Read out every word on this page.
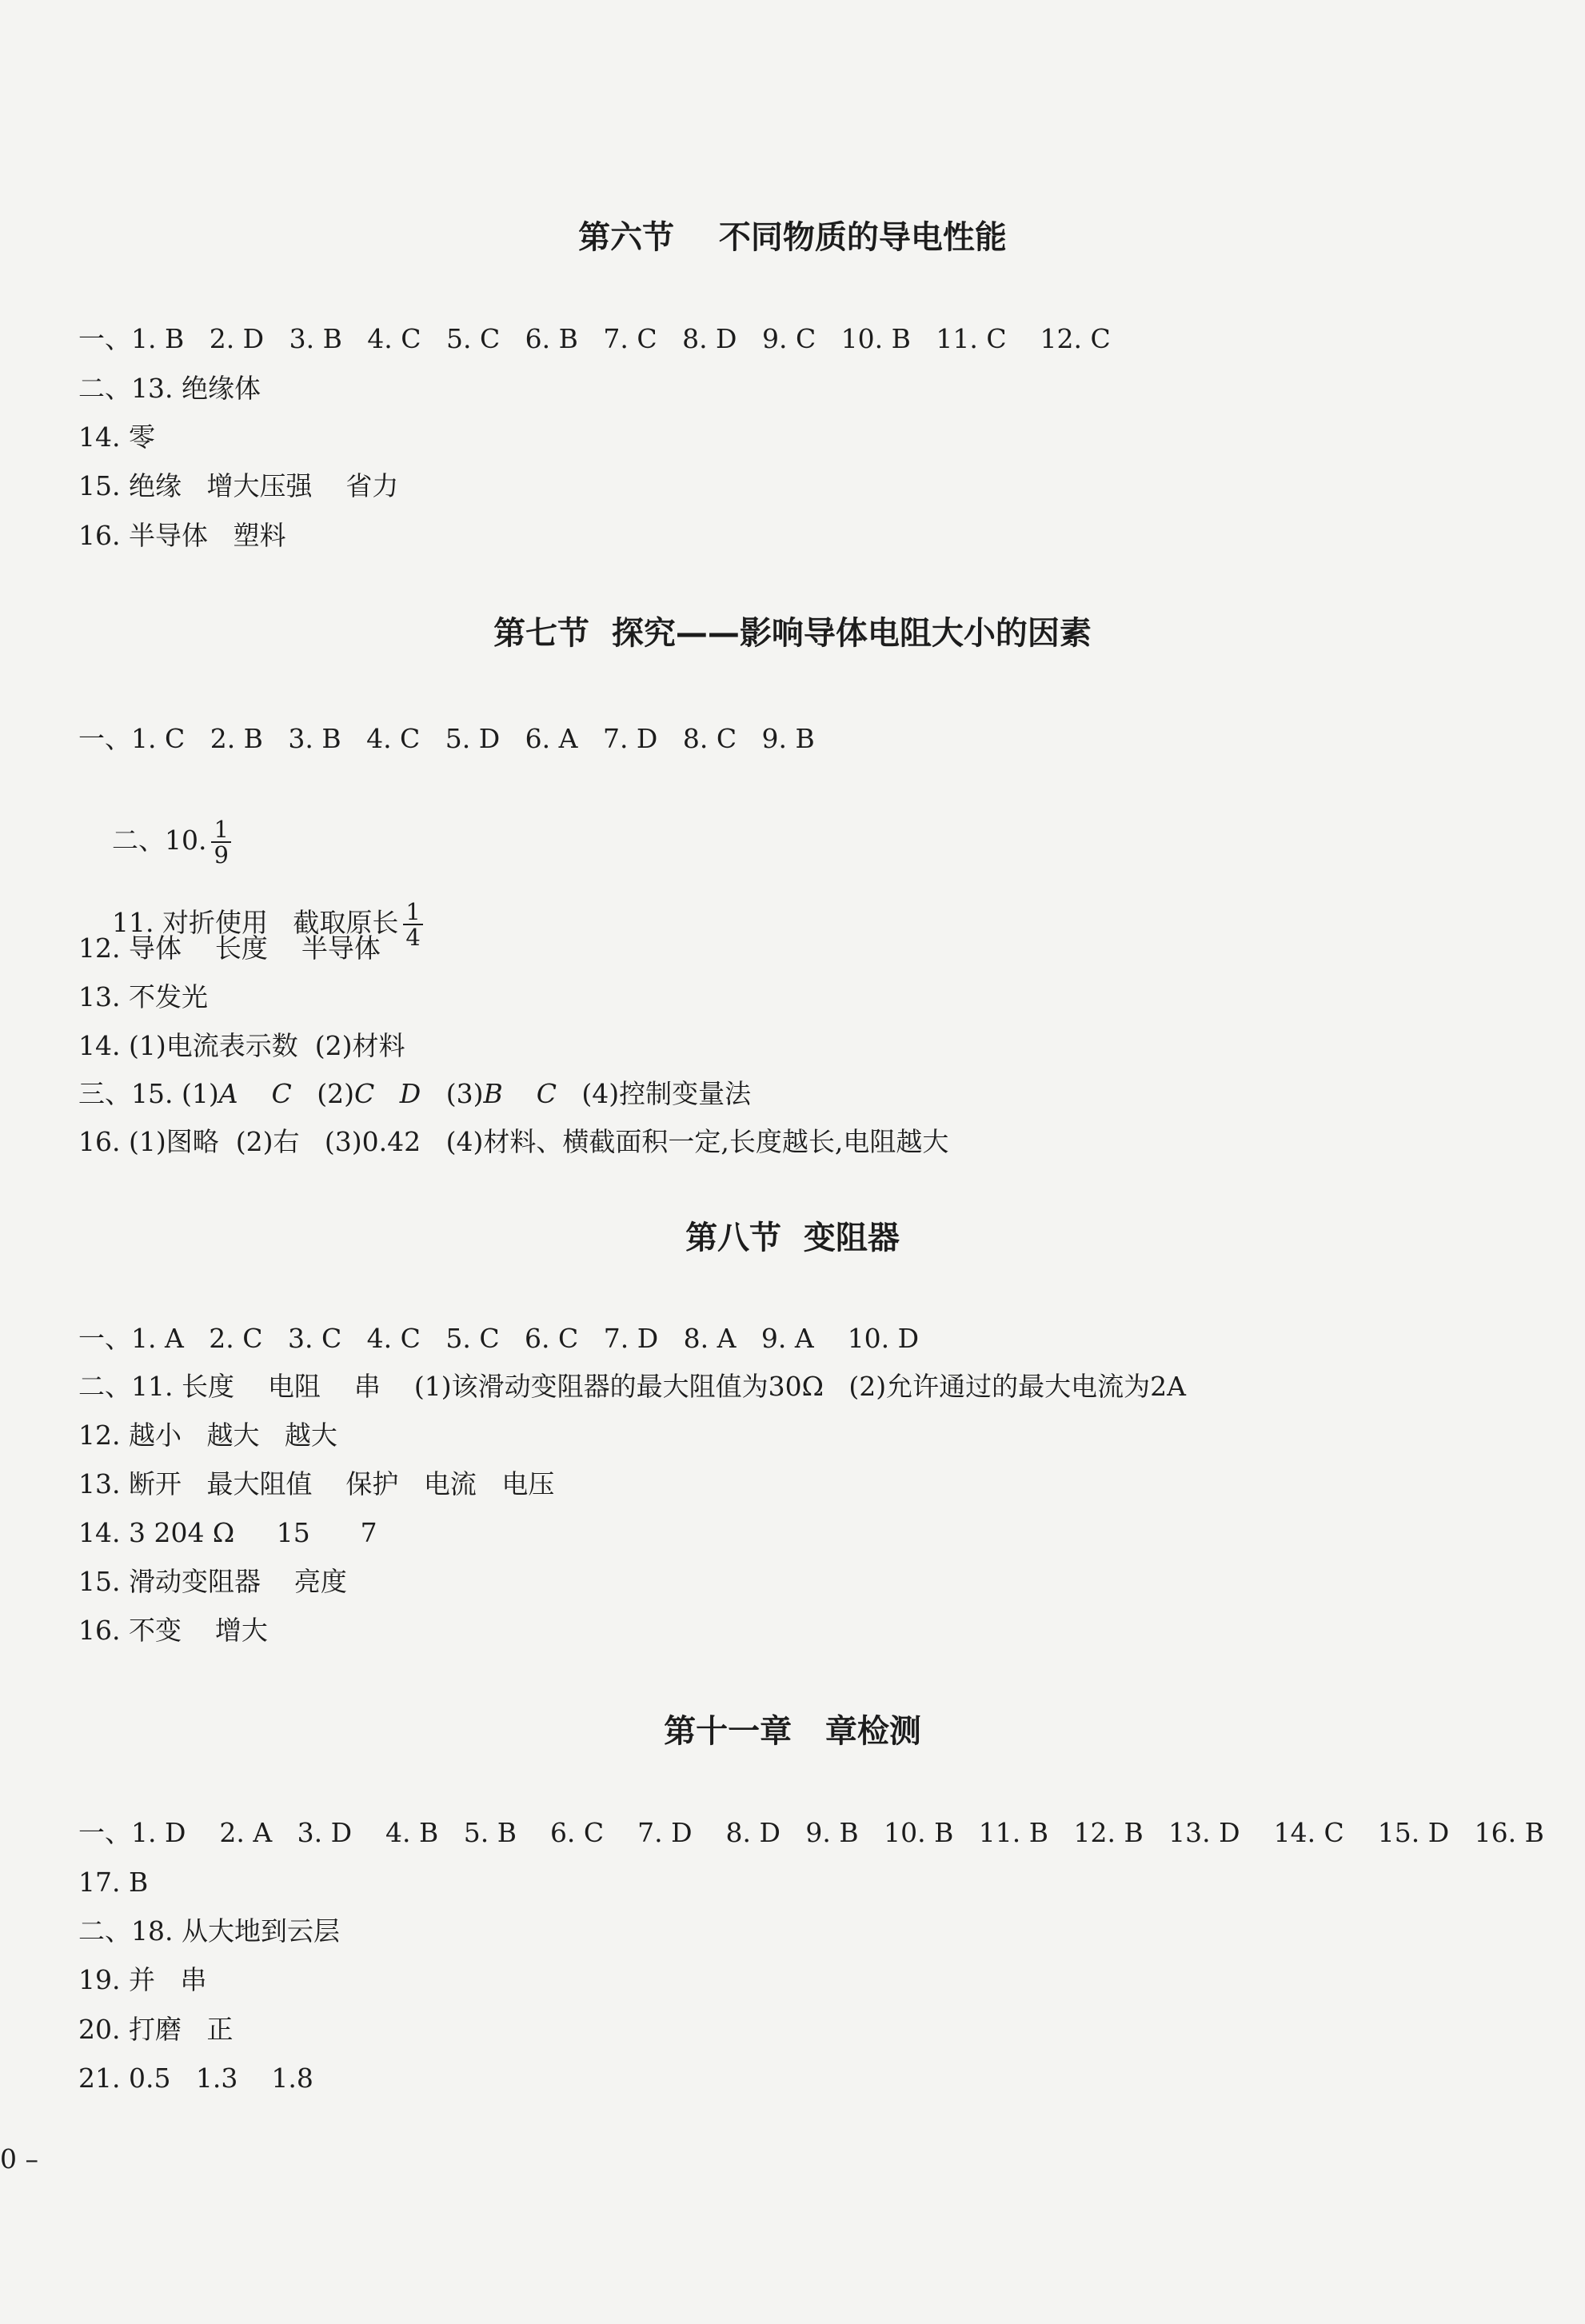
第六节    不同物质的导电性能
一、1. B   2. D   3. B   4. C   5. C   6. B   7. C   8. D   9. C   10. B   11. C    12. C
二、13. 绝缘体
14. 零
15. 绝缘   增大压强    省力
16. 半导体   塑料
第七节  探究——影响导体电阻大小的因素
一、1. C   2. B   3. B   4. C   5. D   6. A   7. D   8. C   9. B

二、10. $\frac{1}{9}$

11. 对折使用   截取原长 $\frac{1}{4}$

12. 导体    长度    半导体
13. 不发光
14. (1)电流表示数  (2)材料
三、15. (1)A C (2)C D (3)B C (4)控制变量法
16. (1)图略  (2)右   (3)0.42   (4)材料、横截面积一定,长度越长,电阻越大
第八节  变阻器
一、1. A   2. C   3. C   4. C   5. C   6. C   7. D   8. A   9. A    10. D
二、11. 长度    电阻    串    (1)该滑动变阻器的最大阻值为30Ω   (2)允许通过的最大电流为2A
12. 越小   越大   越大
13. 断开   最大阻值    保护   电流   电压
14. 3 204 Ω     15      7
15. 滑动变阻器    亮度
16. 不变    增大
第十一章   章检测
一、1. D    2. A   3. D    4. B   5. B    6. C    7. D    8. D   9. B   10. B   11. B   12. B   13. D    14. C    15. D   16. B
17. B
二、18. 从大地到云层
19. 并   串
20. 打磨   正
21. 0.5   1.3    1.8
0 –
